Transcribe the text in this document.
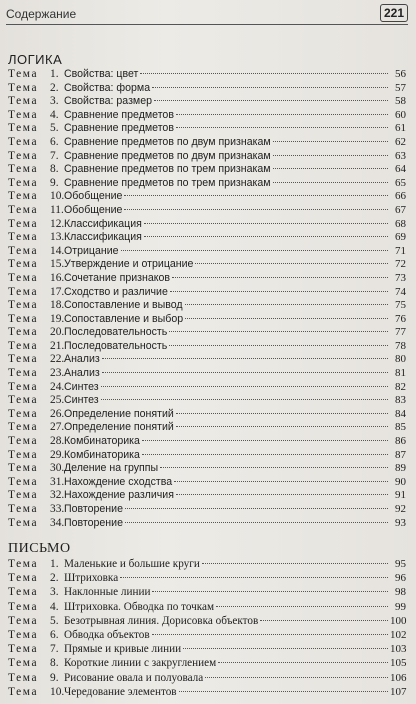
Содержание	221
ЛОГИКА
Тема	1. Свойства: цвет	56
Тема	2. Свойства: форма	57
Тема	3. Свойства: размер	58
Тема	4. Сравнение предметов	60
Тема	5. Сравнение предметов	61
Тема	6. Сравнение предметов по двум признакам	62
Тема	7. Сравнение предметов по двум признакам	63
Тема	8. Сравнение предметов по трем признакам	64
Тема	9. Сравнение предметов по трем признакам	65
Тема	10. Обобщение	66
Тема	11. Обобщение	67
Тема	12. Классификация	68
Тема	13. Классификация	69
Тема	14. Отрицание	71
Тема	15. Утверждение и отрицание	72
Тема	16. Сочетание признаков	73
Тема	17. Сходство и различие	74
Тема	18. Сопоставление и вывод	75
Тема	19. Сопоставление и выбор	76
Тема	20. Последовательность	77
Тема	21. Последовательность	78
Тема	22. Анализ	80
Тема	23. Анализ	81
Тема	24. Синтез	82
Тема	25. Синтез	83
Тема	26. Определение понятий	84
Тема	27. Определение понятий	85
Тема	28. Комбинаторика	86
Тема	29. Комбинаторика	87
Тема	30. Деление на группы	89
Тема	31. Нахождение сходства	90
Тема	32. Нахождение различия	91
Тема	33. Повторение	92
Тема	34. Повторение	93
ПИСЬМО
Тема	1. Маленькие и большие круги	95
Тема	2. Штриховка	96
Тема	3. Наклонные линии	98
Тема	4. Штриховка. Обводка по точкам	99
Тема	5. Безотрывная линия. Дорисовка объектов	100
Тема	6. Обводка объектов	102
Тема	7. Прямые и кривые линии	103
Тема	8. Короткие линии с закруглением	105
Тема	9. Рисование овала и полуовала	106
Тема	10. Чередование элементов	107
